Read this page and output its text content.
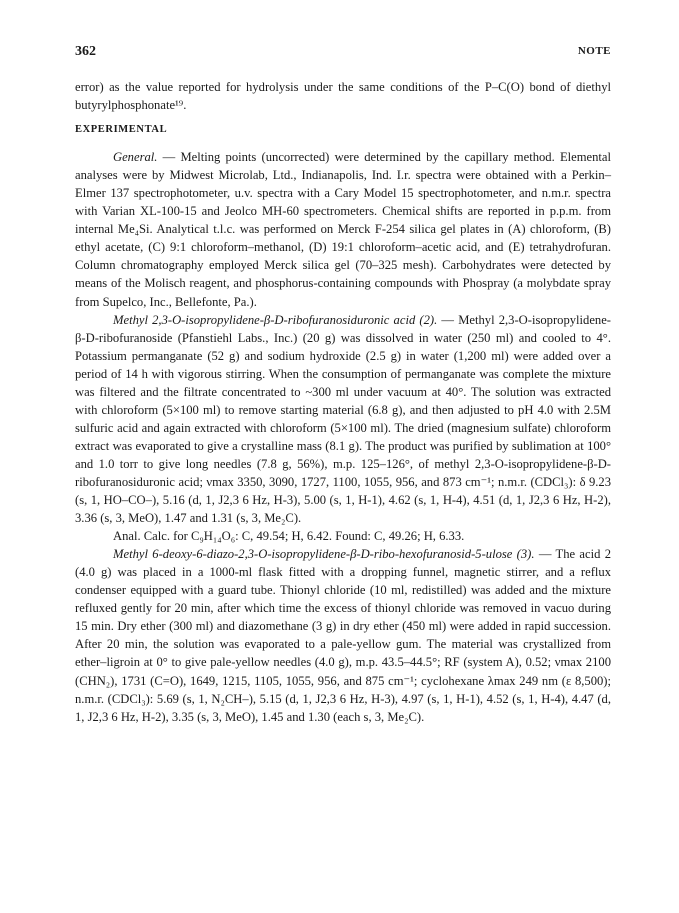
362	NOTE

error) as the value reported for hydrolysis under the same conditions of the P–C(O) bond of diethyl butyrylphosphonate¹⁹.

EXPERIMENTAL

General. — Melting points (uncorrected) were determined by the capillary method. Elemental analyses were by Midwest Microlab, Ltd., Indianapolis, Ind. I.r. spectra were obtained with a Perkin–Elmer 137 spectrophotometer, u.v. spectra with a Cary Model 15 spectrophotometer, and n.m.r. spectra with Varian XL-100-15 and Jeolco MH-60 spectrometers. Chemical shifts are reported in p.p.m. from internal Me₄Si. Analytical t.l.c. was performed on Merck F-254 silica gel plates in (A) chloroform, (B) ethyl acetate, (C) 9:1 chloroform–methanol, (D) 19:1 chloroform–acetic acid, and (E) tetrahydrofuran. Column chromatography employed Merck silica gel (70–325 mesh). Carbohydrates were detected by means of the Molisch reagent, and phosphorus-containing compounds with Phospray (a molybdate spray from Supelco, Inc., Bellefonte, Pa.).

Methyl 2,3-O-isopropylidene-β-D-ribofuranosiduronic acid (2). — Methyl 2,3-O-isopropylidene-β-D-ribofuranoside (Pfanstiehl Labs., Inc.) (20 g) was dissolved in water (250 ml) and cooled to 4°. Potassium permanganate (52 g) and sodium hydroxide (2.5 g) in water (1,200 ml) were added over a period of 14 h with vigorous stirring. When the consumption of permanganate was complete the mixture was filtered and the filtrate concentrated to ~300 ml under vacuum at 40°. The solution was extracted with chloroform (5×100 ml) to remove starting material (6.8 g), and then adjusted to pH 4.0 with 2.5M sulfuric acid and again extracted with chloroform (5×100 ml). The dried (magnesium sulfate) chloroform extract was evaporated to give a crystalline mass (8.1 g). The product was purified by sublimation at 100° and 1.0 torr to give long needles (7.8 g, 56%), m.p. 125–126°, of methyl 2,3-O-isopropylidene-β-D-ribofuranosiduronic acid; νmax 3350, 3090, 1727, 1100, 1055, 956, and 873 cm⁻¹; n.m.r. (CDCl₃): δ 9.23 (s, 1, HO–CO–), 5.16 (d, 1, J2,3 6 Hz, H-3), 5.00 (s, 1, H-1), 4.62 (s, 1, H-4), 4.51 (d, 1, J2,3 6 Hz, H-2), 3.36 (s, 3, MeO), 1.47 and 1.31 (s, 3, Me₂C).

Anal. Calc. for C₉H₁₄O₆: C, 49.54; H, 6.42. Found: C, 49.26; H, 6.33.

Methyl 6-deoxy-6-diazo-2,3-O-isopropylidene-β-D-ribo-hexofuranosid-5-ulose (3). — The acid 2 (4.0 g) was placed in a 1000-ml flask fitted with a dropping funnel, magnetic stirrer, and a reflux condenser equipped with a guard tube. Thionyl chloride (10 ml, redistilled) was added and the mixture refluxed gently for 20 min, after which time the excess of thionyl chloride was removed in vacuo during 15 min. Dry ether (300 ml) and diazomethane (3 g) in dry ether (450 ml) were added in rapid succession. After 20 min, the solution was evaporated to a pale-yellow gum. The material was crystallized from ether–ligroin at 0° to give pale-yellow needles (4.0 g), m.p. 43.5–44.5°; RF (system A), 0.52; νmax 2100 (CHN₂), 1731 (C=O), 1649, 1215, 1105, 1055, 956, and 875 cm⁻¹; cyclohexane λmax 249 nm (ε 8,500); n.m.r. (CDCl₃): 5.69 (s, 1, N₂CH–), 5.15 (d, 1, J2,3 6 Hz, H-3), 4.97 (s, 1, H-1), 4.52 (s, 1, H-4), 4.47 (d, 1, J2,3 6 Hz, H-2), 3.35 (s, 3, MeO), 1.45 and 1.30 (each s, 3, Me₂C).
